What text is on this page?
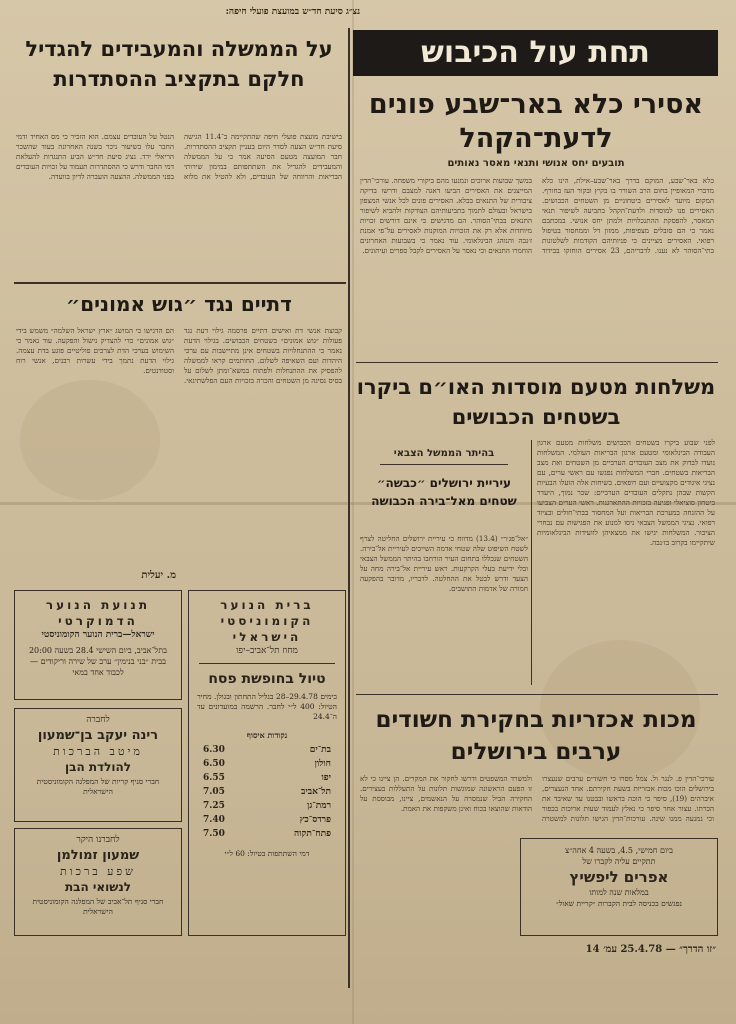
נצ״ג סיעת חד״ש במועצת פועלי חיפה:
תחת עול הכיבוש
אסירי כלא באר־שבע פונים לדעת־הקהל
תובעים יחס אנושי ותנאי מאסר נאותים
כלא באר־שבע, המוקם בדרך באר־שבע–אילת, הינו כלא מדברי המאופיין בחום הרב השורר בו בקיץ ובקור העז בחורף. המקום מיועד לאסירים ביטחוניים מן השטחים הכבושים. האסירים פנו למוסדות ולדעת־הקהל בתביעה לשיפור תנאי המאסר, להפסקת ההתנכלויות ולמתן יחס אנושי. במכתבם נאמר כי הם סובלים מצפיפות, ממזון דל וממחסור בטיפול רפואי. האסירים מציינים כי פניותיהם הקודמות לשלטונות בתי־הסוהר לא נענו. לדבריהם, 23 אסירים הוחזקו בבידוד במשך שבועות ארוכים ונמנעו מהם ביקורי משפחה. עורכי־הדין המייצגים את האסירים הביעו דאגה למצבם ודרשו בדיקה ציבורית של התנאים בכלא. האסירים פונים לכל אנשי המצפון בישראל ובעולם לתמוך בתביעותיהם הצודקות ולהביא לשיפור התנאים בבתי־הסוהר. הם מדגישים כי אינם דורשים זכויות מיוחדות אלא רק את הזכויות המוקנות לאסירים על־פי אמנת ז׳נבה והנוהג הבינלאומי. עוד נאמר כי בשבועות האחרונים הוחמרו התנאים וכי נאסר על האסירים לקבל ספרים ועיתונים.
משלחות מטעם מוסדות האו״ם ביקרו בשטחים הכבושים
לפני שבוע ביקרו בשטחים הכבושים משלחות מטעם ארגון העבודה הבינלאומי ומטעם ארגון הבריאות העולמי. המשלחות נועדו לבדוק את מצב העובדים הערביים מן השטחים ואת מצב הבריאות בשטחים. חברי המשלחות נפגשו עם ראשי ערים, עם נציגי איגודים מקצועיים ועם רופאים. בשיחות אלה הועלו הבעיות הקשות שבהן נתקלים העובדים הערביים: שכר נמוך, היעדר ביטחון סוציאלי ופגיעה בזכויות ההתארגנות. ראשי הערים הצביעו על ההזנחה במערכת הבריאות ועל המחסור בבתי־חולים ובציוד רפואי. נציגי הממשל הצבאי ניסו למנוע את הפגישות עם נבחרי הציבור. המשלחות יגישו את ממצאיהן לוועידות הבינלאומיות שיתקיימו בקרוב בז׳נבה.
בהיתר הממשל הצבאי
עיריית ירושלים ״כבשה״ שטחים מאל־בירה הכבושה
״אל־פג׳ר״ (13.4) מדווח כי עיריית ירושלים החליטה לצרף לשטח השיפוט שלה שטחי אדמה השייכים לעיריית אל־בירה. השטחים שנכללו בתחום העיר הורחבו בהיתר הממשל הצבאי ובלי ידיעת בעלי הקרקעות. ראש עיריית אל־בירה מחה על הצעד ודרש לבטל את ההחלטה. לדבריו, מדובר בהפקעה חמורה של אדמות התושבים.
מכות אכזריות בחקירת חשודים ערבים בירושלים
עורכי־הדין פ. לנגר ול. צמל מסרו כי חשודים ערבים שנעצרו בירושלים הוכו מכות אכזריות בשעת חקירתם. אחד הנעצרים, איברהים (19), סיפר כי הוכה בראשו ובבטנו עד שאיבד את הכרתו. עצור אחר סיפר כי נאלץ לעמוד שעות ארוכות בכפור וכי נמנעה ממנו שינה. עורכות־הדין הגישו תלונות למשטרה ולמשרד המשפטים ודרשו לחקור את המקרים. הן ציינו כי לא זו הפעם הראשונה שמוגשות תלונות על התעללות בעצירים. החקירה הביל שנמסרה על הנאשמים, ציינו, מבוססת על הודאות שהוצאו בכוח ואינן משקפות את האמת.
ביום חמישי, 4.5, בשעה 4 אחה״צ
תתקיים עליה לקברו של
אפרים ליפשיץ
במלאות שנה למותו
נפגשים בכניסה לבית הקברות ״קריית שאול״
״זו הדרך״ — 25.4.78 עמ׳ 14
על הממשלה והמעבידים להגדיל חלקם בתקציב ההסתדרות
בישיבת מועצת פועלי חיפה שהתקיימה ב־11.4 הגישה סיעת חד״ש הצעה לסדר היום בעניין תקציב ההסתדרות. חבר המועצה מטעם הסיעה אמר כי על הממשלה והמעבידים להגדיל את השתתפותם במימון שירותי הבריאות והרווחה של העובדים, ולא להטיל את מלוא הנטל על העובדים עצמם. הוא הזכיר כי מס האחיד ודמי החבר עלו בשיעור ניכר בשנה האחרונה בעוד שהשכר הריאלי ירד. נציג סיעת חד״ש הביע התנגדות להעלאת דמי החבר ודרש כי ההסתדרות תעמוד על זכויות העובדים בפני הממשלה. ההצעה הועברה לדיון בוועדה.
דתיים נגד ״גוש אמונים״
קבוצת אנשי דת ואישים דתיים פרסמה גילוי דעת נגד פעולות ״גוש אמונים״ בשטחים הכבושים. בגילוי הדעת נאמר כי ההתנחלויות בשטחים אינן מתיישבות עם ערכי היהדות ועם השאיפה לשלום. החותמים קראו לממשלה להפסיק את ההתנחלות ולפתוח במשא־ומתן לשלום על בסיס נסיגה מן השטחים והכרה בזכויות העם הפלשתינאי. הם הדגישו כי המושג ״ארץ ישראל השלמה״ משמש בידי ״גוש אמונים״ כדי להצדיק נישול והפקעה. עוד נאמר כי השימוש בערכי הדת לצרכים פוליטיים פוגע בדת עצמה. גילוי הדעת נתמך בידי עשרות רבנים, אנשי רוח וסטודנטים.
מ. יעלית
תנועת הנוער הדמוקרטי
ישראל—ברית הנוער הקומוניסטי
בתל־אביב, ביום השישי 28.4 בשעה 20:00 בבית ״בני בנימין״ ערב של שירה וריקודים — לכבוד אחד במאי
לחברה
רינה יעקב בן־שמעון
מיטב הברכות
להולדת הבן
חברי סניף קריות של המפלגה הקומוניסטית הישראלית
לחברנו היקר
שמעון זמולמן
שפע ברכות
לנשואי הבת
חברי סניף תל־אביב של המפלגה הקומוניסטית הישראלית
ברית הנוער הקומוניסטי הישראלי
מחוז תל־אביב–יפו
טיול בחופשת פסח
בימים 29.4.78–28 בגליל התחתון ובגולן. מחיר הטיול: 400 ל״י לחבר. הרשמה במועדונים עד ה־24.4
נקודות איסוף
בת־ים
6.30
חולון
6.50
יפו
6.55
תל־אביב
7.05
רמת־גן
7.25
פרדס־כץ
7.40
פתח־תקוה
7.50
דמי השתתפות בטיול: 60 ל״י
